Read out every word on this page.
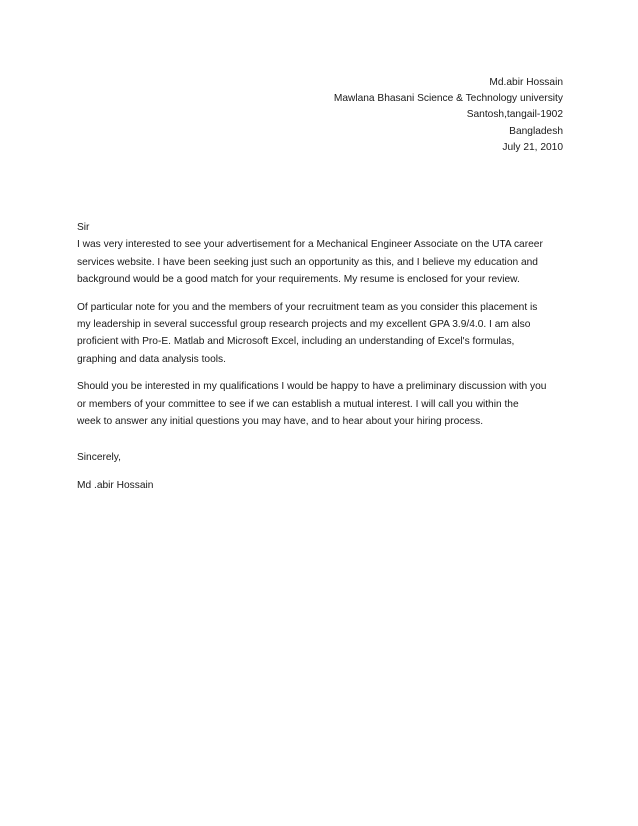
Md.abir Hossain
Mawlana Bhasani Science & Technology university
Santosh,tangail-1902
Bangladesh
July 21, 2010
Sir
I was very interested to see your advertisement for a Mechanical Engineer Associate on the UTA career
services website. I have been seeking just such an opportunity as this, and I believe my education and
background would be a good match for your requirements. My resume is enclosed for your review.
Of particular note for you and the members of your recruitment team as you consider this placement is
my leadership in several successful group research projects and my excellent GPA 3.9/4.0. I am also
proficient with Pro-E. Matlab and Microsoft Excel, including an understanding of Excel's formulas,
graphing and data analysis tools.
Should you be interested in my qualifications I would be happy to have a preliminary discussion with you
or members of your committee to see if we can establish a mutual interest. I will call you within the
week to answer any initial questions you may have, and to hear about your hiring process.
Sincerely,
Md .abir Hossain
